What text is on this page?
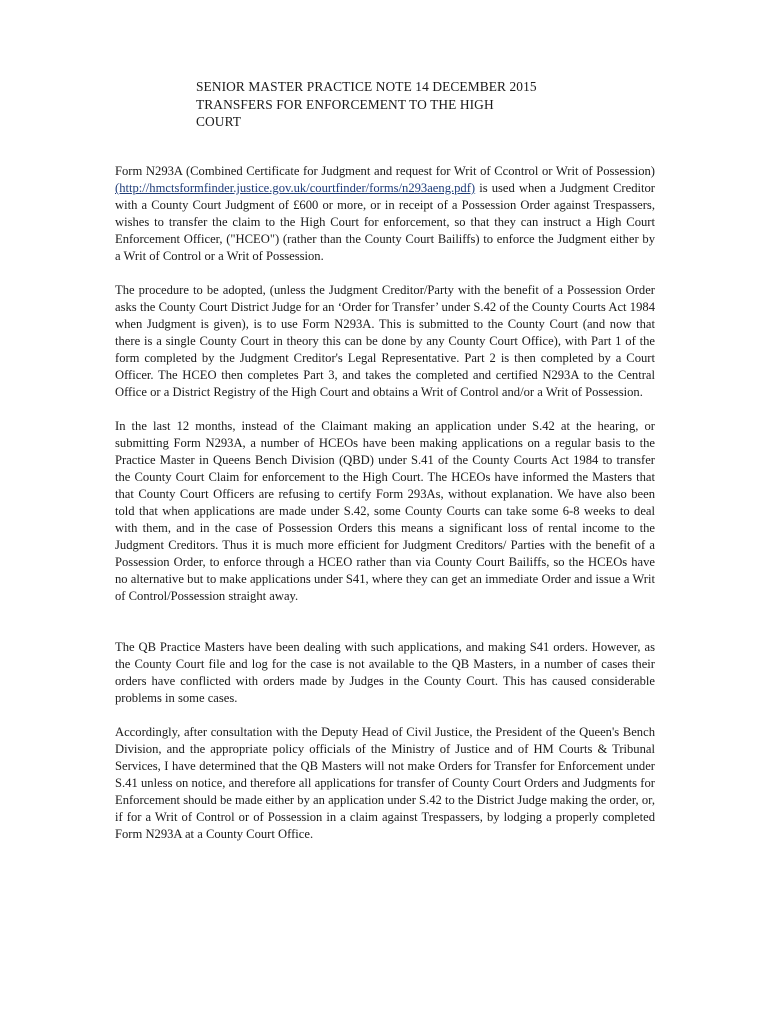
SENIOR MASTER PRACTICE NOTE 14 DECEMBER 2015
TRANSFERS FOR ENFORCEMENT TO THE HIGH
COURT

Form N293A (Combined Certificate for Judgment and request for Writ of Ccontrol or Writ of Possession) (http://hmctsformfinder.justice.gov.uk/courtfinder/forms/n293aeng.pdf) is used when a Judgment Creditor with a County Court Judgment of £600 or more, or in receipt of a Possession Order against Trespassers, wishes to transfer the claim to the High Court for enforcement, so that they can instruct a High Court Enforcement Officer, ("HCEO") (rather than the County Court Bailiffs) to enforce the Judgment either by a Writ of Control or a Writ of Possession.

The procedure to be adopted, (unless the Judgment Creditor/Party with the benefit of a Possession Order asks the County Court District Judge for an ‘Order for Transfer’ under S.42 of the County Courts Act 1984 when Judgment is given), is to use Form N293A. This is submitted to the County Court (and now that there is a single County Court in theory this can be done by any County Court Office), with Part 1 of the form completed by the Judgment Creditor's Legal Representative. Part 2 is then completed by a Court Officer. The HCEO then completes Part 3, and takes the completed and certified N293A to the Central Office or a District Registry of the High Court and obtains a Writ of Control and/or a Writ of Possession.

In the last 12 months, instead of the Claimant making an application under S.42 at the hearing, or submitting Form N293A, a number of HCEOs have been making applications on a regular basis to the Practice Master in Queens Bench Division (QBD) under S.41 of the County Courts Act 1984 to transfer the County Court Claim for enforcement to the High Court. The HCEOs have informed the Masters that that County Court Officers are refusing to certify Form 293As, without explanation. We have also been told that when applications are made under S.42, some County Courts can take some 6-8 weeks to deal with them, and in the case of Possession Orders this means a significant loss of rental income to the Judgment Creditors. Thus it is much more efficient for Judgment Creditors/ Parties with the benefit of a Possession Order, to enforce through a HCEO rather than via County Court Bailiffs, so the HCEOs have no alternative but to make applications under S41, where they can get an immediate Order and issue a Writ of Control/Possession straight away.

The QB Practice Masters have been dealing with such applications, and making S41 orders. However, as the County Court file and log for the case is not available to the QB Masters, in a number of cases their orders have conflicted with orders made by Judges in the County Court. This has caused considerable problems in some cases.

Accordingly, after consultation with the Deputy Head of Civil Justice, the President of the Queen's Bench Division, and the appropriate policy officials of the Ministry of Justice and of HM Courts & Tribunal Services, I have determined that the QB Masters will not make Orders for Transfer for Enforcement under S.41 unless on notice, and therefore all applications for transfer of County Court Orders and Judgments for Enforcement should be made either by an application under S.42 to the District Judge making the order, or, if for a Writ of Control or of Possession in a claim against Trespassers, by lodging a properly completed Form N293A at a County Court Office.
